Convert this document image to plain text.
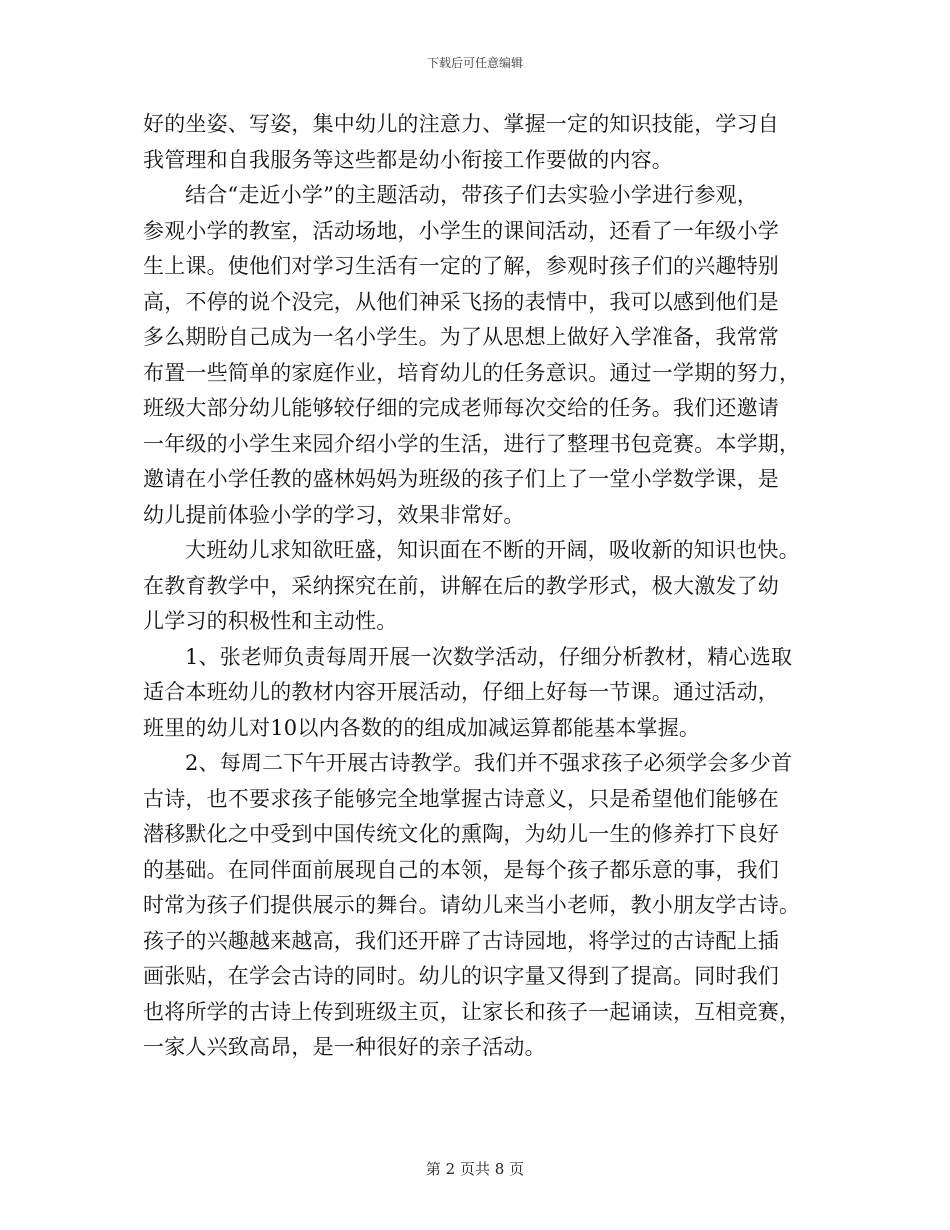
下载后可任意编辑
好的坐姿、写姿，集中幼儿的注意力、掌握一定的知识技能，学习自
我管理和自我服务等这些都是幼小衔接工作要做的内容。
结合“走近小学”的主题活动，带孩子们去实验小学进行参观，
参观小学的教室，活动场地，小学生的课间活动，还看了一年级小学
生上课。使他们对学习生活有一定的了解，参观时孩子们的兴趣特别
高，不停的说个没完，从他们神采飞扬的表情中，我可以感到他们是
多么期盼自己成为一名小学生。为了从思想上做好入学准备，我常常
布置一些简单的家庭作业，培育幼儿的任务意识。通过一学期的努力，
班级大部分幼儿能够较仔细的完成老师每次交给的任务。我们还邀请
一年级的小学生来园介绍小学的生活，进行了整理书包竞赛。本学期，
邀请在小学任教的盛林妈妈为班级的孩子们上了一堂小学数学课，是
幼儿提前体验小学的学习，效果非常好。
大班幼儿求知欲旺盛，知识面在不断的开阔，吸收新的知识也快。
在教育教学中，采纳探究在前，讲解在后的教学形式，极大激发了幼
儿学习的积极性和主动性。
1、张老师负责每周开展一次数学活动，仔细分析教材，精心选取
适合本班幼儿的教材内容开展活动，仔细上好每一节课。通过活动，
班里的幼儿对10以内各数的的组成加减运算都能基本掌握。
2、每周二下午开展古诗教学。我们并不强求孩子必须学会多少首
古诗，也不要求孩子能够完全地掌握古诗意义，只是希望他们能够在
潜移默化之中受到中国传统文化的熏陶，为幼儿一生的修养打下良好
的基础。在同伴面前展现自己的本领，是每个孩子都乐意的事，我们
时常为孩子们提供展示的舞台。请幼儿来当小老师，教小朋友学古诗。
孩子的兴趣越来越高，我们还开辟了古诗园地，将学过的古诗配上插
画张贴，在学会古诗的同时。幼儿的识字量又得到了提高。同时我们
也将所学的古诗上传到班级主页，让家长和孩子一起诵读，互相竞赛，
一家人兴致高昂，是一种很好的亲子活动。
第 2 页共 8 页
